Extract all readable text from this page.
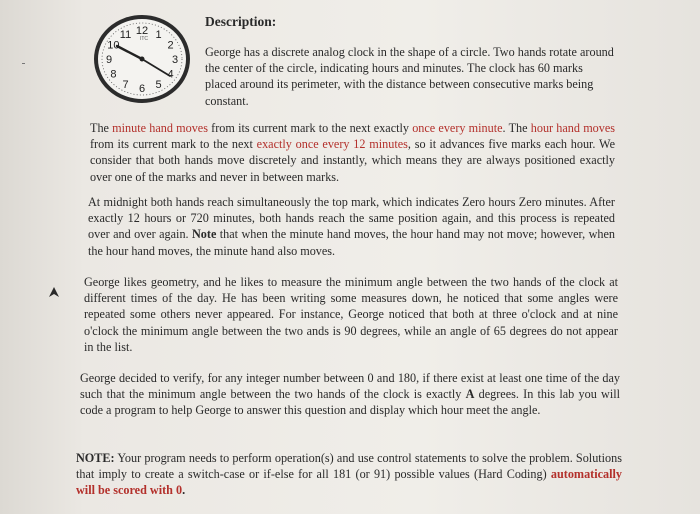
12 1
2
3
4
5
6
7
8
9
10
11 ITC
Description:

George has a discrete analog clock in the shape of a circle. Two hands rotate around the center of the circle, indicating hours and minutes. The clock has 60 marks placed around its perimeter, with the distance between consecutive marks being constant.

The minute hand moves from its current mark to the next exactly once every minute. The hour hand moves from its current mark to the next exactly once every 12 minutes, so it advances five marks each hour. We consider that both hands move discretely and instantly, which means they are always positioned exactly over one of the marks and never in between marks.

At midnight both hands reach simultaneously the top mark, which indicates Zero hours Zero minutes. After exactly 12 hours or 720 minutes, both hands reach the same position again, and this process is repeated over and over again. Note that when the minute hand moves, the hour hand may not move; however, when the hour hand moves, the minute hand also moves.

George likes geometry, and he likes to measure the minimum angle between the two hands of the clock at different times of the day. He has been writing some measures down, he noticed that some angles were repeated some others never appeared. For instance, George noticed that both at three o'clock and at nine o'clock the minimum angle between the two ands is 90 degrees, while an angle of 65 degrees do not appear in the list.

George decided to verify, for any integer number between 0 and 180, if there exist at least one time of the day such that the minimum angle between the two hands of the clock is exactly A degrees. In this lab you will code a program to help George to answer this question and display which hour meet the angle.

NOTE: Your program needs to perform operation(s) and use control statements to solve the problem. Solutions that imply to create a switch-case or if-else for all 181 (or 91) possible values (Hard Coding) automatically will be scored with 0.
